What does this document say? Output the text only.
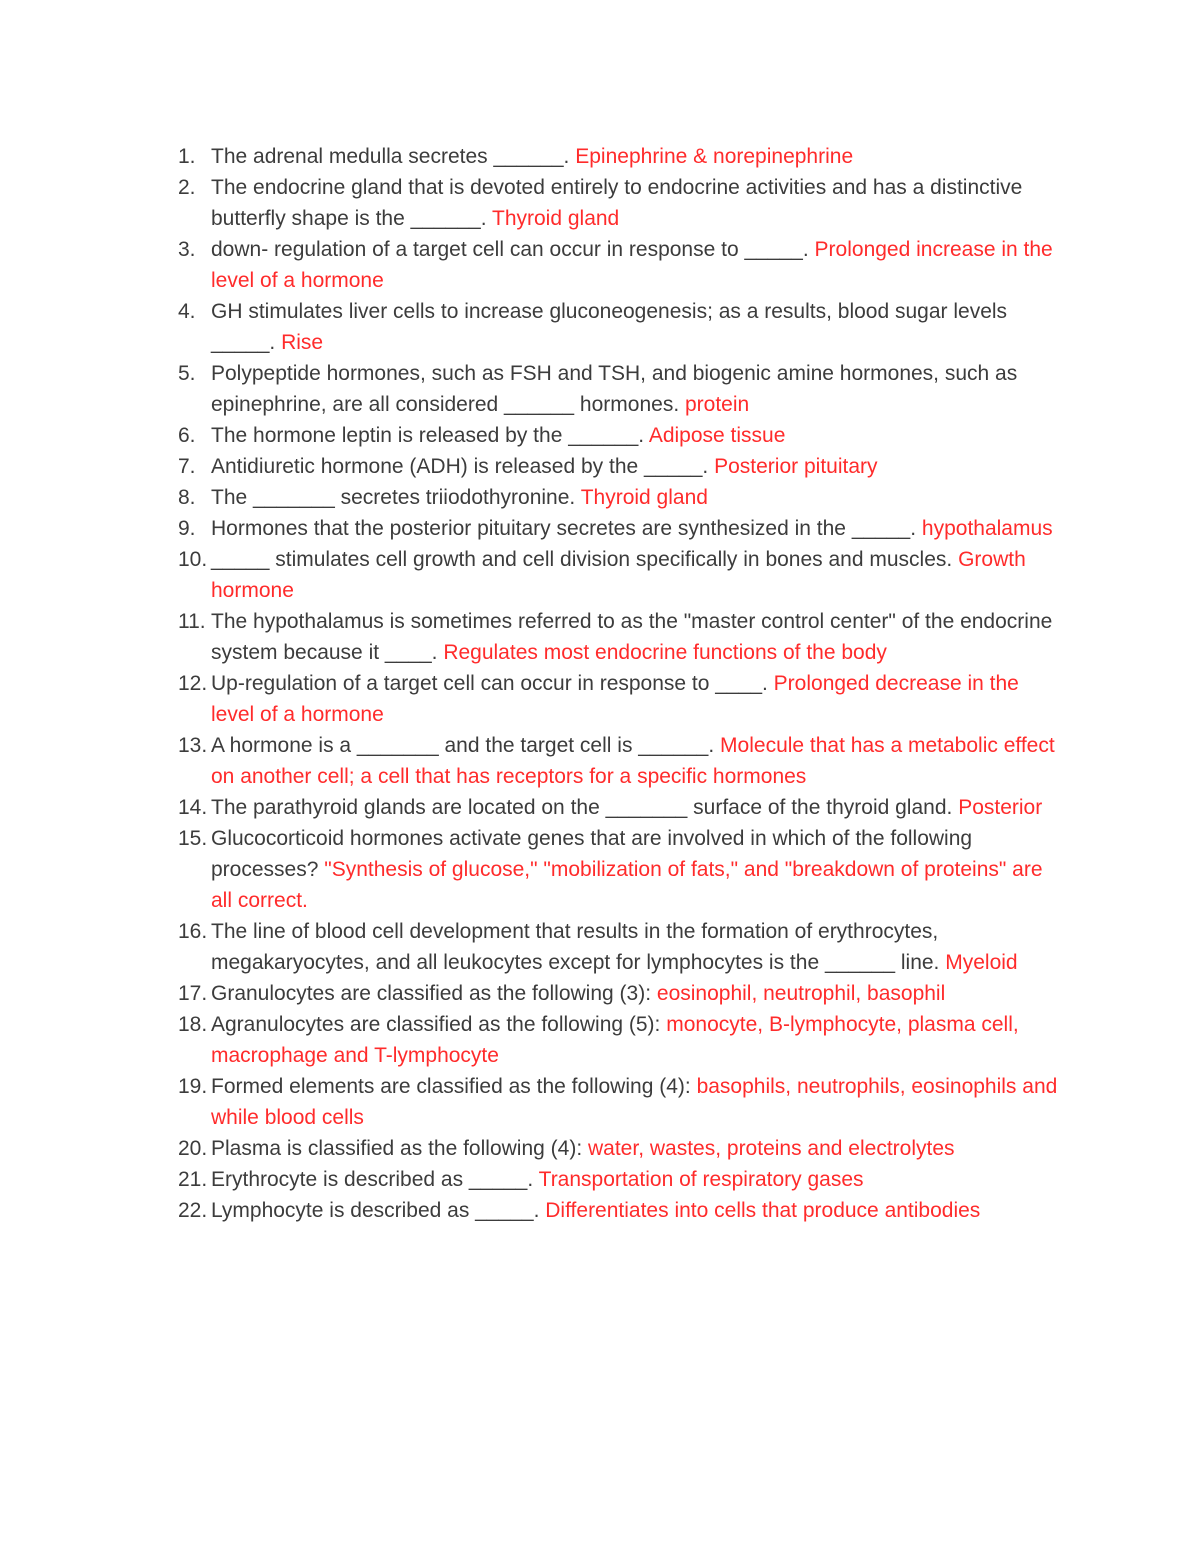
1. The adrenal medulla secretes ______. Epinephrine & norepinephrine
2. The endocrine gland that is devoted entirely to endocrine activities and has a distinctive butterfly shape is the ______. Thyroid gland
3. down- regulation of a target cell can occur in response to _____. Prolonged increase in the level of a hormone
4. GH stimulates liver cells to increase gluconeogenesis; as a results, blood sugar levels _____. Rise
5. Polypeptide hormones, such as FSH and TSH, and biogenic amine hormones, such as epinephrine, are all considered ______ hormones. protein
6. The hormone leptin is released by the ______. Adipose tissue
7. Antidiuretic hormone (ADH) is released by the _____. Posterior pituitary
8. The _______ secretes triiodothyronine. Thyroid gland
9. Hormones that the posterior pituitary secretes are synthesized in the _____. hypothalamus
10. _____ stimulates cell growth and cell division specifically in bones and muscles. Growth hormone
11. The hypothalamus is sometimes referred to as the "master control center" of the endocrine system because it ____. Regulates most endocrine functions of the body
12. Up-regulation of a target cell can occur in response to ____. Prolonged decrease in the level of a hormone
13. A hormone is a _______ and the target cell is ______. Molecule that has a metabolic effect on another cell; a cell that has receptors for a specific hormones
14. The parathyroid glands are located on the _______ surface of the thyroid gland. Posterior
15. Glucocorticoid hormones activate genes that are involved in which of the following processes? "Synthesis of glucose," "mobilization of fats," and "breakdown of proteins" are all correct.
16. The line of blood cell development that results in the formation of erythrocytes, megakaryocytes, and all leukocytes except for lymphocytes is the ______ line. Myeloid
17. Granulocytes are classified as the following (3): eosinophil, neutrophil, basophil
18. Agranulocytes are classified as the following (5): monocyte, B-lymphocyte, plasma cell, macrophage and T-lymphocyte
19. Formed elements are classified as the following (4): basophils, neutrophils, eosinophils and while blood cells
20. Plasma is classified as the following (4): water, wastes, proteins and electrolytes
21. Erythrocyte is described as _____. Transportation of respiratory gases
22. Lymphocyte is described as _____. Differentiates into cells that produce antibodies
